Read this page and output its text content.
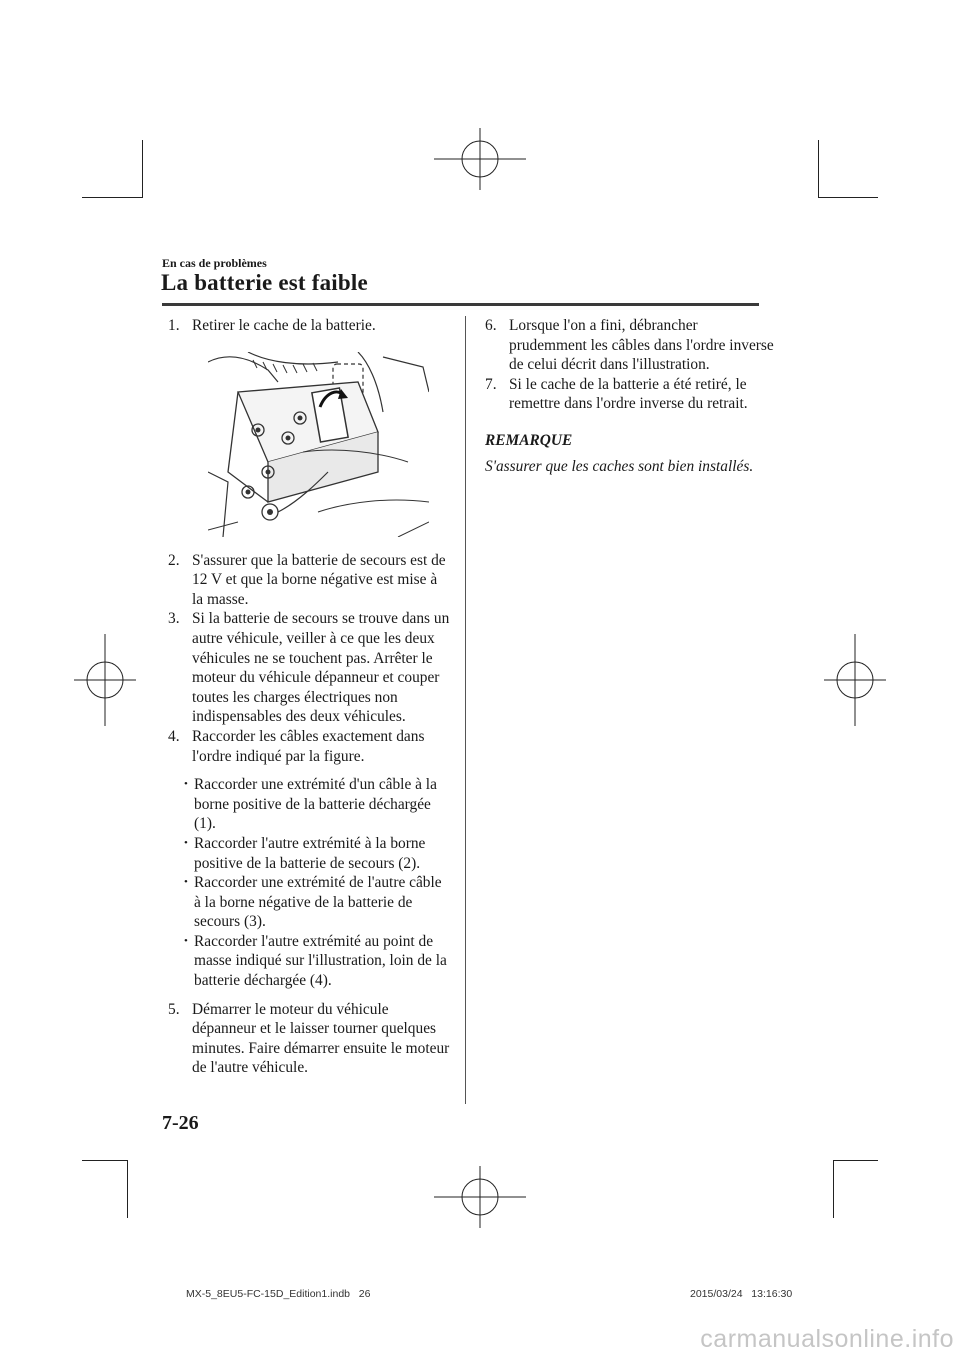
En cas de problèmes
La batterie est faible

1. Retirer le cache de la batterie.

2. S'assurer que la batterie de secours est de 12 V et que la borne négative est mise à la masse.

3. Si la batterie de secours se trouve dans un autre véhicule, veiller à ce que les deux véhicules ne se touchent pas. Arrêter le moteur du véhicule dépanneur et couper toutes les charges électriques non indispensables des deux véhicules.

4. Raccorder les câbles exactement dans l'ordre indiqué par la figure.

• Raccorder une extrémité d'un câble à la borne positive de la batterie déchargée (1).
• Raccorder l'autre extrémité à la borne positive de la batterie de secours (2).
• Raccorder une extrémité de l'autre câble à la borne négative de la batterie de secours (3).
• Raccorder l'autre extrémité au point de masse indiqué sur l'illustration, loin de la batterie déchargée (4).

5. Démarrer le moteur du véhicule dépanneur et le laisser tourner quelques minutes. Faire démarrer ensuite le moteur de l'autre véhicule.

6. Lorsque l'on a fini, débrancher prudemment les câbles dans l'ordre inverse de celui décrit dans l'illustration.

7. Si le cache de la batterie a été retiré, le remettre dans l'ordre inverse du retrait.

REMARQUE

S'assurer que les caches sont bien installés.

7-26
MX-5_8EU5-FC-15D_Edition1.indb   26	2015/03/24   13:16:30
carmanualsonline.info
